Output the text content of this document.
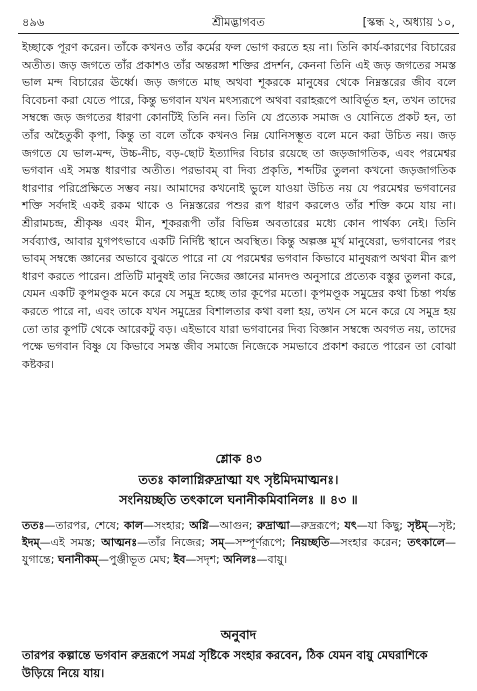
৪৯৬	শ্রীমদ্ভাগবত	[স্কন্ধ ২, অধ্যায় ১০,

ইচ্ছাকে পূরণ করেন। তাঁকে কখনও তাঁর কর্মের ফল ভোগ করতে হয় না। তিনি কার্য-কারণের বিচারের অতীত। জড় জগতে তাঁর প্রকাশও তাঁর অন্তরঙ্গা শক্তির প্রদর্শন, কেননা তিনি এই জড় জগতের সমস্ত ভাল মন্দ বিচারের ঊর্ধ্বে। জড় জগতে মাছ অথবা শূকরকে মানুষের থেকে নিম্নস্তরের জীব বলে বিবেচনা করা যেতে পারে, কিন্তু ভগবান যখন মৎস্যরূপে অথবা বরাহরূপে আবির্ভূত হন, তখন তাদের সম্বন্ধে জড় জগতের ধারণা কোনটিই তিনি নন। তিনি যে প্রত্যেক সমাজ ও যোনিতে প্রকট হন, তা তাঁর অহৈতুকী কৃপা, কিন্তু তা বলে তাঁকে কখনও নিম্ন যোনিসম্ভূত বলে মনে করা উচিত নয়। জড় জগতে যে ভাল-মন্দ, উচ্চ-নীচ, বড়-ছোট ইত্যাদির বিচার রয়েছে তা জড়জাগতিক, এবং পরমেশ্বর ভগবান এই সমস্ত ধারণার অতীত। পরভাবম্ বা দিব্য প্রকৃতি, শব্দটির তুলনা কখনো জড়জাগতিক ধারণার পরিপ্রেক্ষিতে সম্ভব নয়। আমাদের কখনোই ভুলে যাওয়া উচিত নয় যে পরমেশ্বর ভগবানের শক্তি সর্বদাই একই রকম থাকে ও নিম্নস্তরের পশুর রূপ ধারণ করলেও তাঁর শক্তি কমে যায় না। শ্রীরামচন্দ্র, শ্রীকৃষ্ণ এবং মীন, শূকররূপী তাঁর বিভিন্ন অবতারের মধ্যে কোন পার্থক্য নেই। তিনি সর্বব্যাপ্ত, আবার যুগপৎভাবে একটি নির্দিষ্ট স্থানে অবস্থিত। কিন্তু অল্পজ্ঞ মূর্খ মানুষেরা, ভগবানের পরং ভাবম্ সম্বন্ধে জ্ঞানের অভাবে বুঝতে পারে না যে পরমেশ্বর ভগবান কিভাবে মানুষরূপ অথবা মীন রূপ ধারণ করতে পারেন। প্রতিটি মানুষই তার নিজের জ্ঞানের মানদণ্ড অনুসারে প্রত্যেক বস্তুর তুলনা করে, যেমন একটি কূপমণ্ডূক মনে করে যে সমুদ্র হচ্ছে তার কূপের মতো। কূপমণ্ডূক সমুদ্রের কথা চিন্তা পর্যন্ত করতে পারে না, এবং তাকে যখন সমুদ্রের বিশালতার কথা বলা হয়, তখন সে মনে করে যে সমুদ্র হয় তো তার কূপটি থেকে আরেকটু বড়। এইভাবে যারা ভগবানের দিব্য বিজ্ঞান সম্বন্ধে অবগত নয়, তাদের পক্ষে ভগবান বিষ্ণু যে কিভাবে সমস্ত জীব সমাজে নিজেকে সমভাবে প্রকাশ করতে পারেন তা বোঝা কষ্টকর।

শ্লোক ৪৩
ততঃ কালাগ্নিরুদ্রাত্মা যৎ সৃষ্টমিদমাত্মনঃ।
সংনিয়চ্ছতি তৎকালে ঘনানীকমিবানিলঃ ॥ ৪৩ ॥

ততঃ—তারপর, শেষে; কাল—সংহার; অগ্নি—আগুন; রুদ্রাত্মা—রুদ্ররূপে; যৎ—যা কিছু; সৃষ্টম্—সৃষ্ট; ইদম্—এই সমস্ত; আত্মনঃ—তাঁর নিজের; সম্—সম্পূর্ণরূপে; নিয়চ্ছতি—সংহার করেন; তৎকালে—যুগান্তে; ঘনানীকম্—পুঞ্জীভূত মেঘ; ইব—সদৃশ; অনিলঃ—বায়ু।

অনুবাদ

তারপর কল্পান্তে ভগবান রুদ্ররূপে সমগ্র সৃষ্টিকে সংহার করবেন, ঠিক যেমন বায়ু মেঘরাশিকে উড়িয়ে নিয়ে যায়।
